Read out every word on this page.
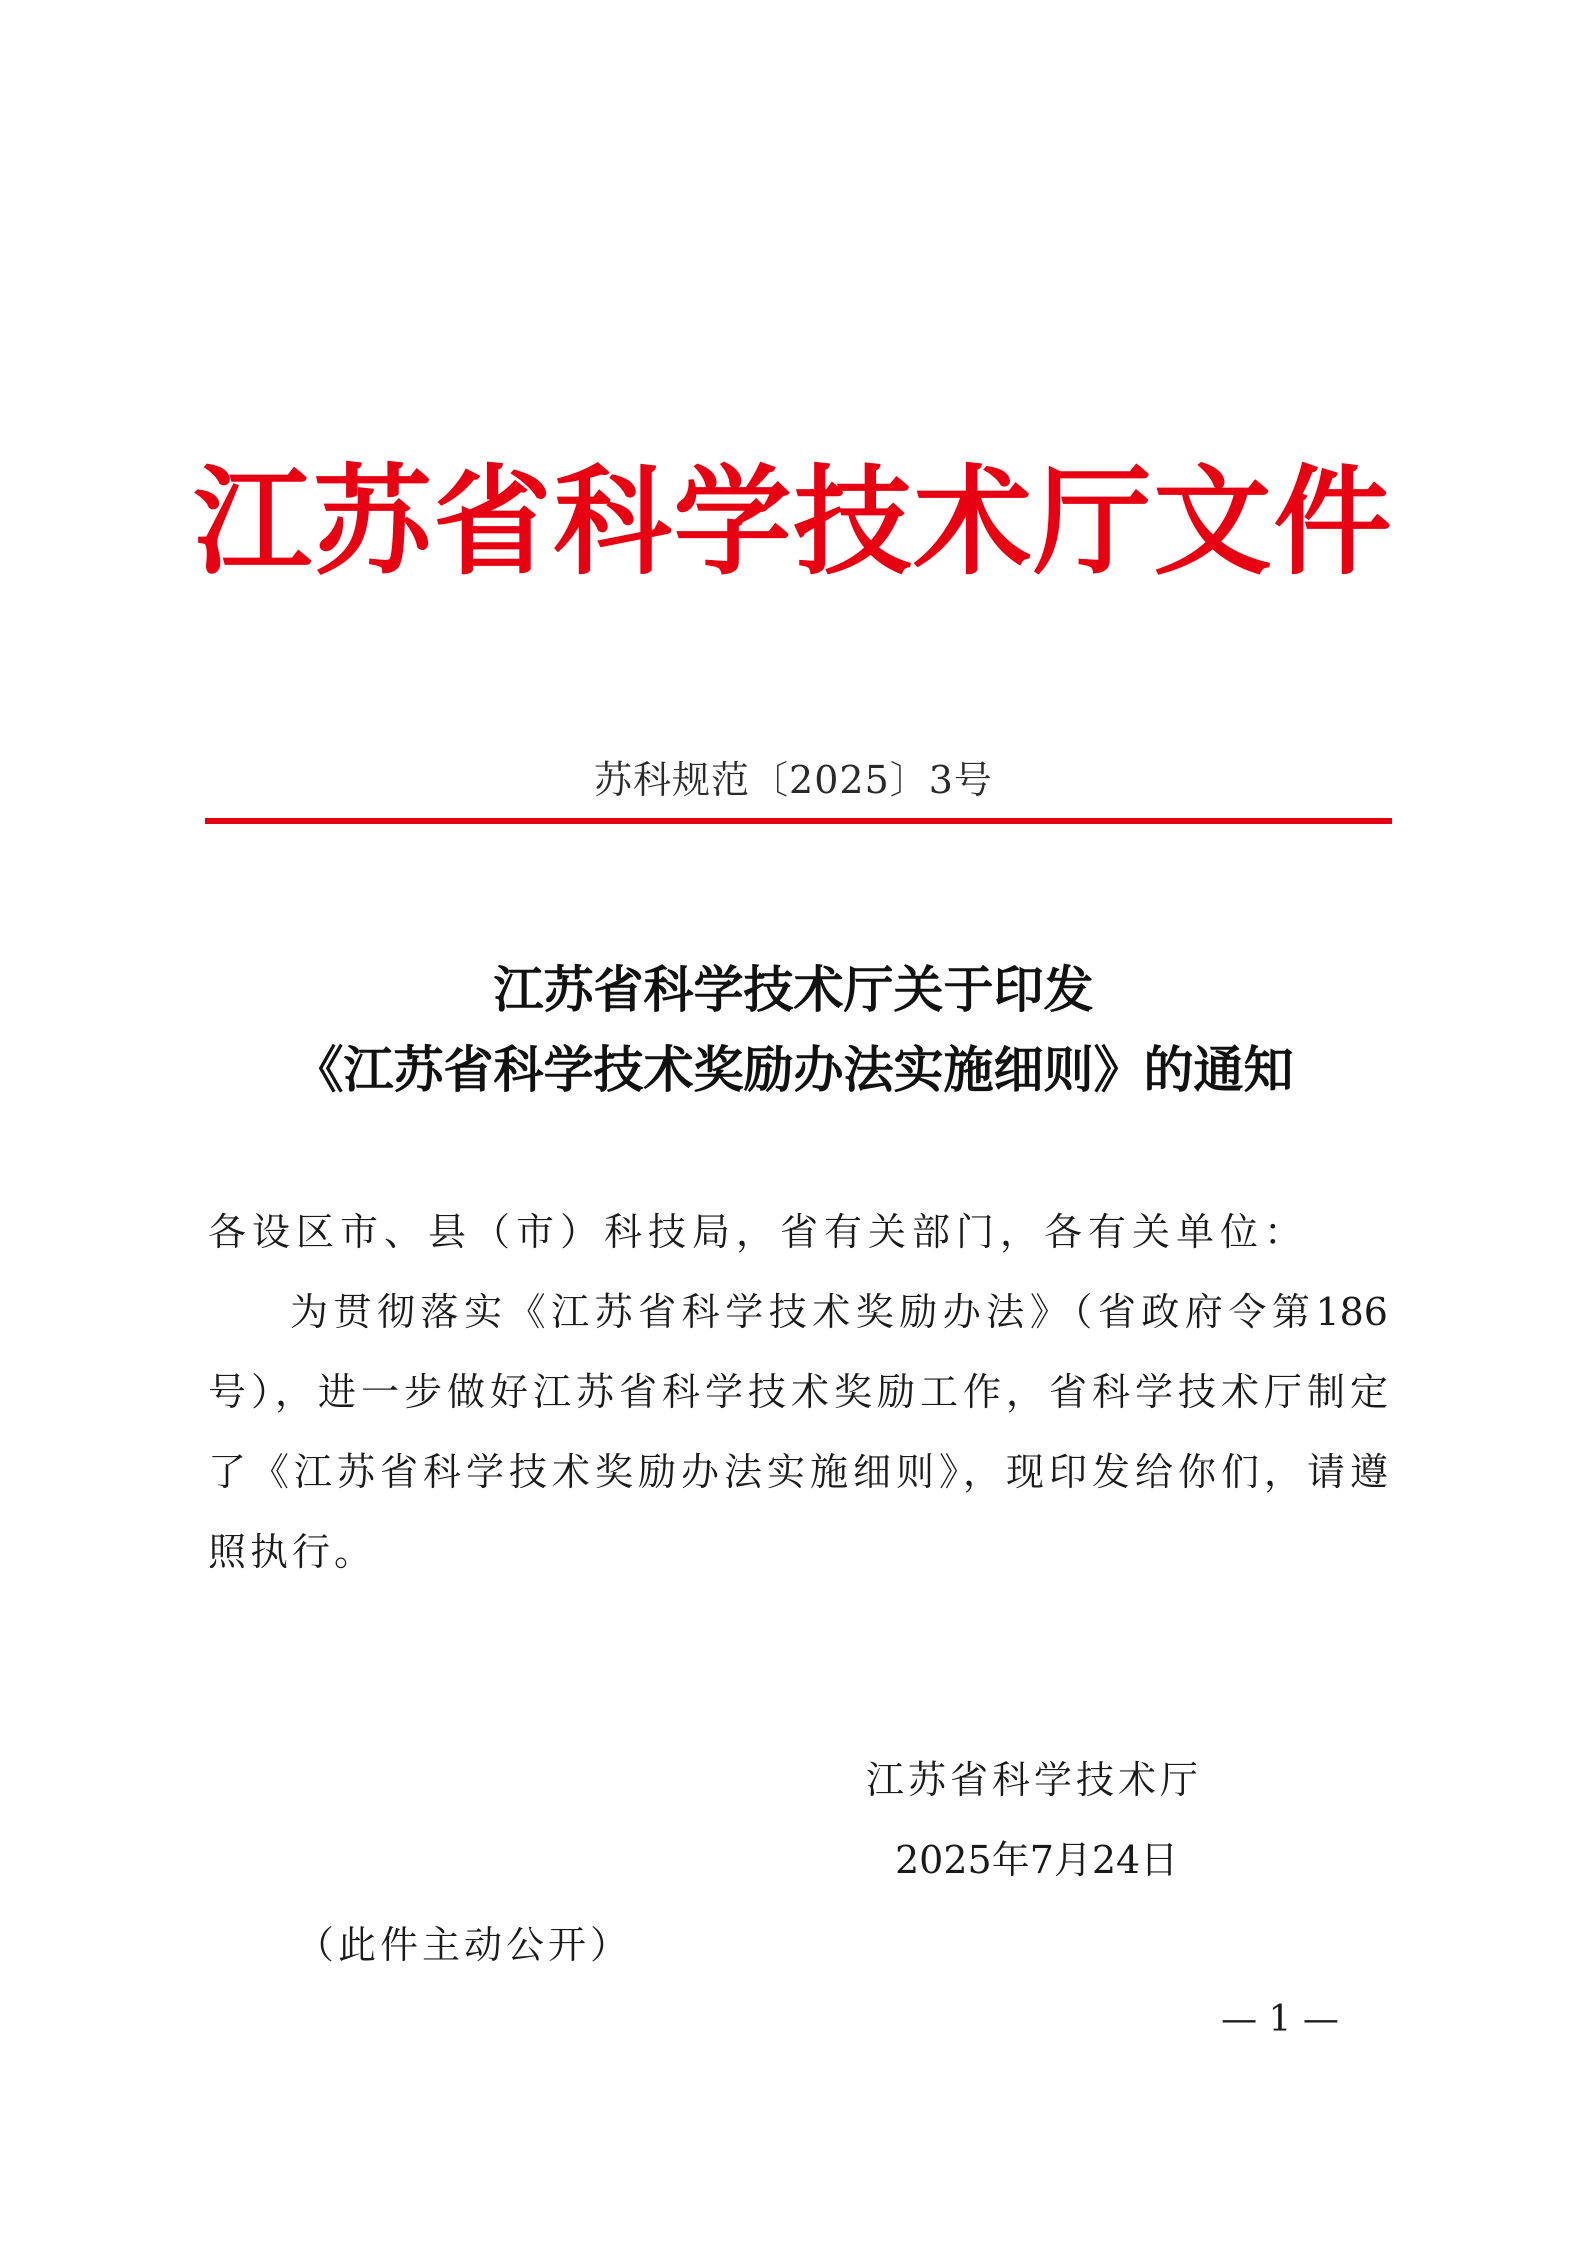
江苏省科学技术厅文件
苏科规范〔2025〕3号
江苏省科学技术厅关于印发
《江苏省科学技术奖励办法实施细则》的通知
各设区市、县（市）科技局，省有关部门，各有关单位：
为贯彻落实《江苏省科学技术奖励办法》（省政府令第186
号），进一步做好江苏省科学技术奖励工作，省科学技术厅制定
了《江苏省科学技术奖励办法实施细则》，现印发给你们，请遵
照执行。
江苏省科学技术厅
2025年7月24日
（此件主动公开）
— 1 —
